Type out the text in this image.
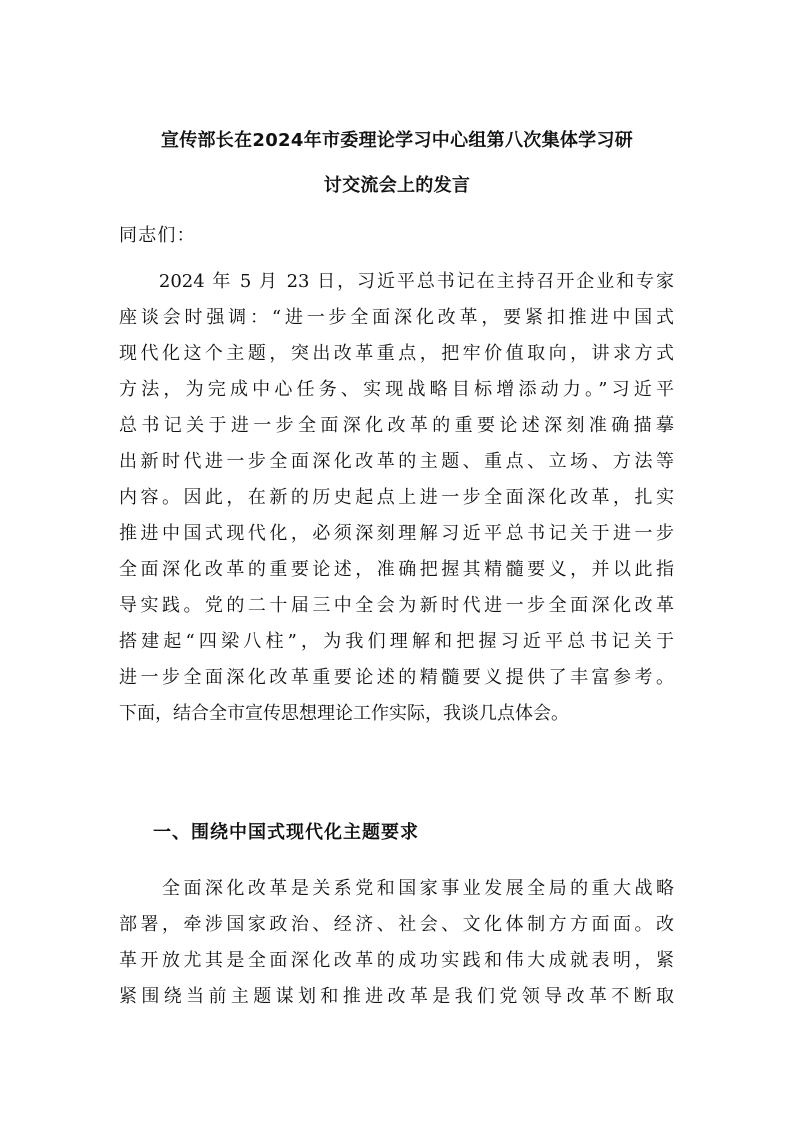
宣传部长在2024年市委理论学习中心组第八次集体学习研
讨交流会上的发言
同志们：
　　2024 年 5 月 23 日，习近平总书记在主持召开企业和专家
座谈会时强调：“进一步全面深化改革，要紧扣推进中国式
现代化这个主题，突出改革重点，把牢价值取向，讲求方式
方法，为完成中心任务、实现战略目标增添动力。”习近平
总书记关于进一步全面深化改革的重要论述深刻准确描摹
出新时代进一步全面深化改革的主题、重点、立场、方法等
内容。因此，在新的历史起点上进一步全面深化改革，扎实
推进中国式现代化，必须深刻理解习近平总书记关于进一步
全面深化改革的重要论述，准确把握其精髓要义，并以此指
导实践。党的二十届三中全会为新时代进一步全面深化改革
搭建起“四梁八柱”，为我们理解和把握习近平总书记关于
进一步全面深化改革重要论述的精髓要义提供了丰富参考。
下面，结合全市宣传思想理论工作实际，我谈几点体会。
一、围绕中国式现代化主题要求
　　全面深化改革是关系党和国家事业发展全局的重大战略
部署，牵涉国家政治、经济、社会、文化体制方方面面。改
革开放尤其是全面深化改革的成功实践和伟大成就表明，紧
紧围绕当前主题谋划和推进改革是我们党领导改革不断取
